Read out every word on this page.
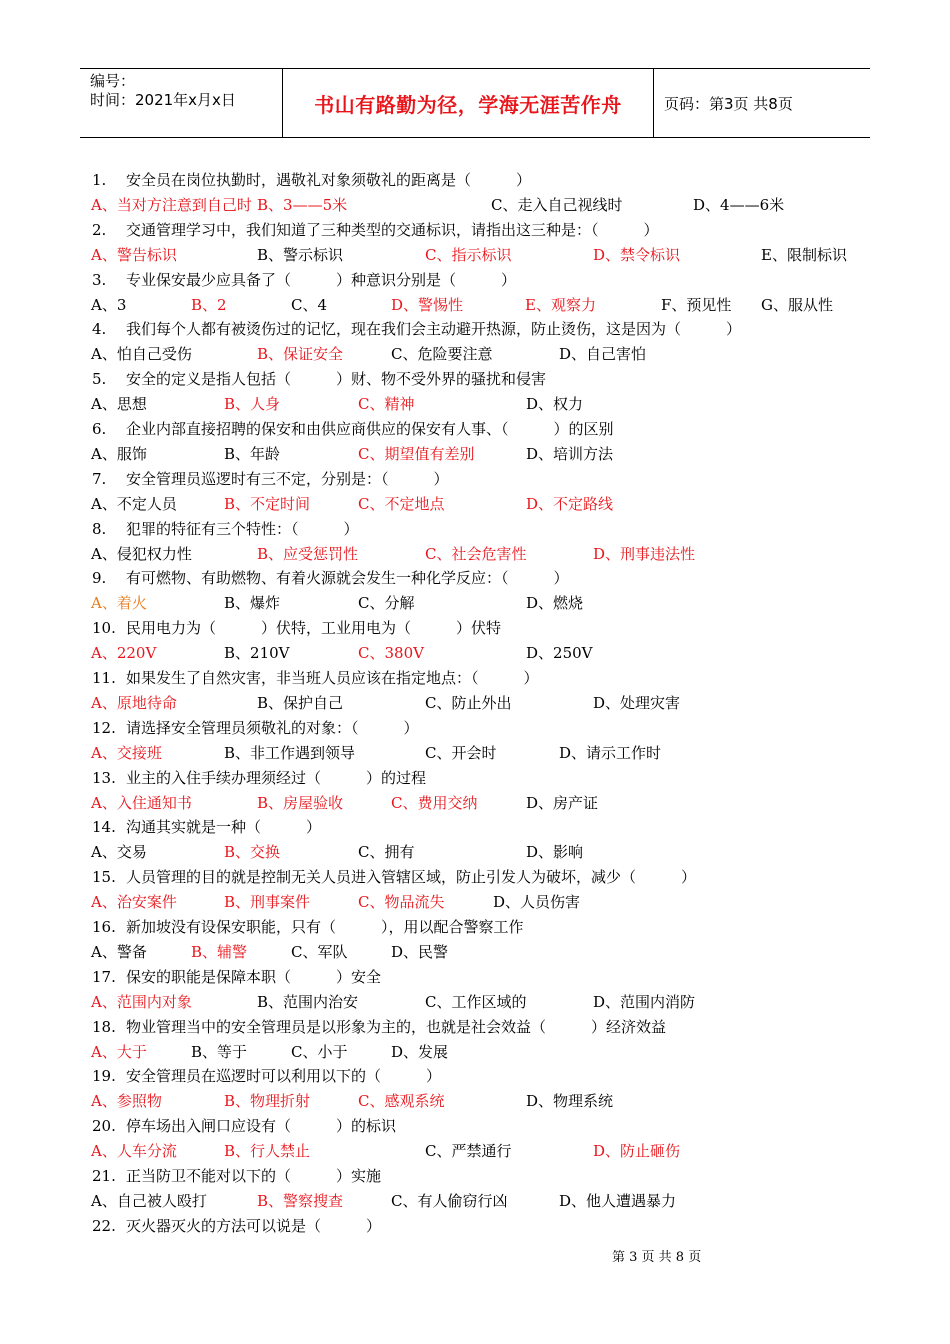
编号：
时间：2021年x月x日	书山有路勤为径，学海无涯苦作舟	页码：第3页 共8页
1. 安全员在岗位执勤时，遇敬礼对象须敬礼的距离是（　　　）
A、当对方注意到自己时 B、3——5米	C、走入自己视线时	D、4——6米
2. 交通管理学习中，我们知道了三种类型的交通标识，请指出这三种是：（　　　）
A、警告标识	B、警示标识	C、指示标识	D、禁令标识	E、限制标识
3. 专业保安最少应具备了（　　　）种意识分别是（　　　）
A、3	B、2	C、4	D、警惕性	E、观察力	F、预见性 G、服从性
4. 我们每个人都有被烫伤过的记忆，现在我们会主动避开热源，防止烫伤，这是因为（　　　）
A、怕自己受伤	B、保证安全	C、危险要注意	D、自己害怕
5. 安全的定义是指人包括（　　　）财、物不受外界的骚扰和侵害
A、思想	B、人身	C、精神	D、权力
6. 企业内部直接招聘的保安和由供应商供应的保安有人事、（　　　）的区别
A、服饰	B、年龄	C、期望值有差别	D、培训方法
7. 安全管理员巡逻时有三不定，分别是：（　　　）
A、不定人员	B、不定时间	C、不定地点	D、不定路线
8. 犯罪的特征有三个特性：（　　　）
A、侵犯权力性	B、应受惩罚性	C、社会危害性	D、刑事违法性
9. 有可燃物、有助燃物、有着火源就会发生一种化学反应：（　　　）
A、着火	B、爆炸	C、分解	D、燃烧
10. 民用电力为（　　　）伏特，工业用电为（　　　）伏特
A、220V	B、210V	C、380V	D、250V
11. 如果发生了自然灾害，非当班人员应该在指定地点：（　　　）
A、原地待命	B、保护自己	C、防止外出	D、处理灾害
12. 请选择安全管理员须敬礼的对象：（　　　）
A、交接班	B、非工作遇到领导	C、开会时	D、请示工作时
13. 业主的入住手续办理须经过（　　　）的过程
A、入住通知书	B、房屋验收	C、费用交纳	D、房产证
14. 沟通其实就是一种（　　　）
A、交易	B、交换	C、拥有	D、影响
15. 人员管理的目的就是控制无关人员进入管辖区域，防止引发人为破坏，减少（　　　）
A、治安案件	B、刑事案件	C、物品流失	D、人员伤害
16. 新加坡没有设保安职能，只有（　　　），用以配合警察工作
A、警备	B、辅警	C、军队	D、民警
17. 保安的职能是保障本职（　　　）安全
A、范围内对象	B、范围内治安	C、工作区域的	D、范围内消防
18. 物业管理当中的安全管理员是以形象为主的，也就是社会效益（　　　）经济效益
A、大于	B、等于	C、小于	D、发展
19. 安全管理员在巡逻时可以利用以下的（　　　）
A、参照物	B、物理折射	C、感观系统	D、物理系统
20. 停车场出入闸口应设有（　　　）的标识
A、人车分流	B、行人禁止	C、严禁通行	D、防止砸伤
21. 正当防卫不能对以下的（　　　）实施
A、自己被人殴打	B、警察搜查	C、有人偷窃行凶	D、他人遭遇暴力
22. 灭火器灭火的方法可以说是（　　　）
第 3 页 共 8 页
